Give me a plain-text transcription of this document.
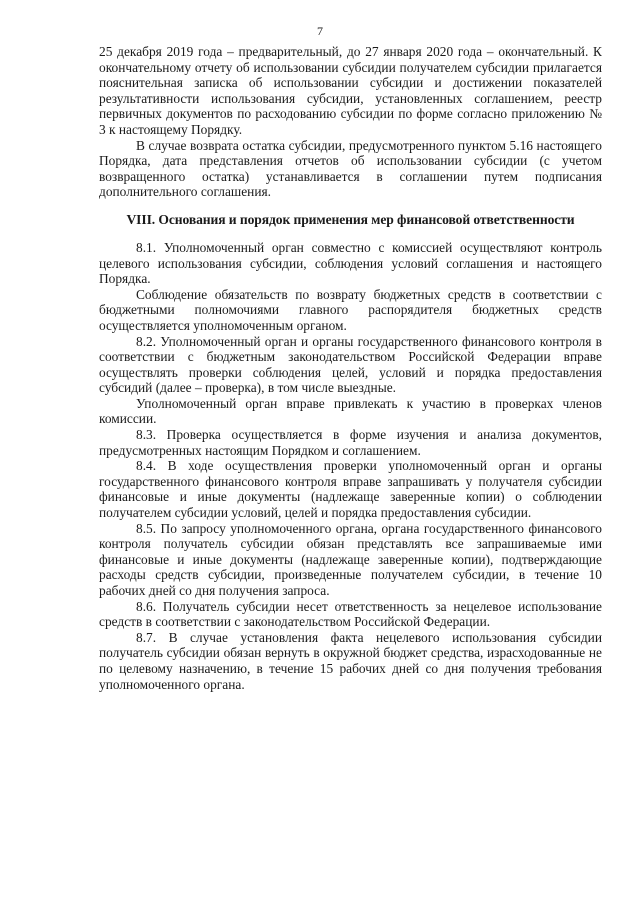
7

25 декабря 2019 года – предварительный, до 27 января 2020 года – окончательный. К окончательному отчету об использовании субсидии получателем субсидии прилагается пояснительная записка об использовании субсидии и достижении показателей результативности использования субсидии, установленных соглашением, реестр первичных документов по расходованию субсидии по форме согласно приложению № 3 к настоящему Порядку.

В случае возврата остатка субсидии, предусмотренного пунктом 5.16 настоящего Порядка, дата представления отчетов об использовании субсидии (с учетом возвращенного остатка) устанавливается в соглашении путем подписания дополнительного соглашения.

VIII. Основания и порядок применения мер финансовой ответственности

8.1. Уполномоченный орган совместно с комиссией осуществляют контроль целевого использования субсидии, соблюдения условий соглашения и настоящего Порядка.

Соблюдение обязательств по возврату бюджетных средств в соответствии с бюджетными полномочиями главного распорядителя бюджетных средств осуществляется уполномоченным органом.

8.2. Уполномоченный орган и органы государственного финансового контроля в соответствии с бюджетным законодательством Российской Федерации вправе осуществлять проверки соблюдения целей, условий и порядка предоставления субсидий (далее – проверка), в том числе выездные.

Уполномоченный орган вправе привлекать к участию в проверках членов комиссии.

8.3. Проверка осуществляется в форме изучения и анализа документов, предусмотренных настоящим Порядком и соглашением.

8.4. В ходе осуществления проверки уполномоченный орган и органы государственного финансового контроля вправе запрашивать у получателя субсидии финансовые и иные документы (надлежаще заверенные копии) о соблюдении получателем субсидии условий, целей и порядка предоставления субсидии.

8.5. По запросу уполномоченного органа, органа государственного финансового контроля получатель субсидии обязан представлять все запрашиваемые ими финансовые и иные документы (надлежаще заверенные копии), подтверждающие расходы средств субсидии, произведенные получателем субсидии, в течение 10 рабочих дней со дня получения запроса.

8.6. Получатель субсидии несет ответственность за нецелевое использование средств в соответствии с законодательством Российской Федерации.

8.7. В случае установления факта нецелевого использования субсидии получатель субсидии обязан вернуть в окружной бюджет средства, израсходованные не по целевому назначению, в течение 15 рабочих дней со дня получения требования уполномоченного органа.
